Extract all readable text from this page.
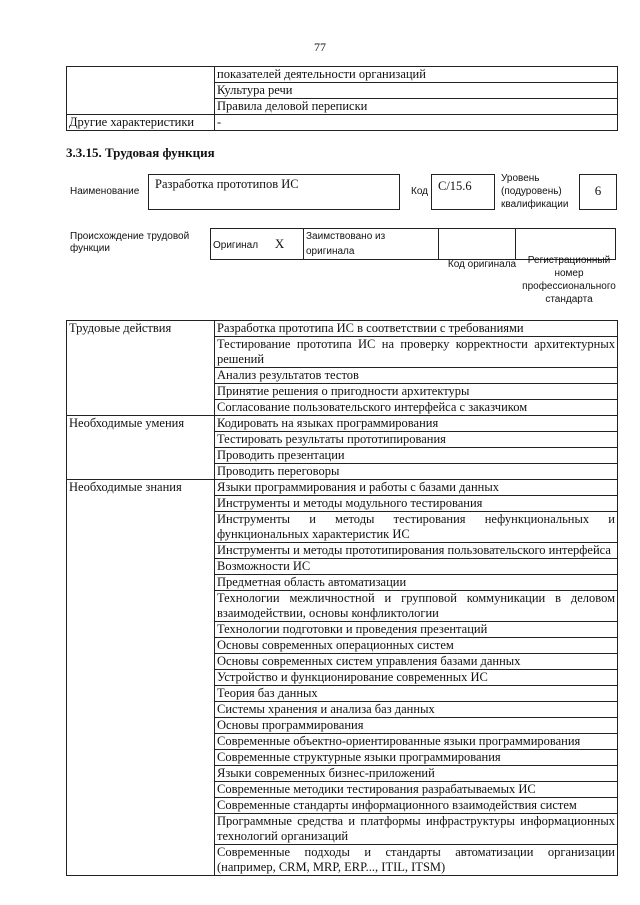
77
	показателей деятельности организаций
	Культура речи
	Правила деловой переписки
Другие характеристики	-
3.3.15. Трудовая функция
Наименование
Разработка прототипов ИС
Код C/15.6
Уровень (подуровень) квалификации
6
Происхождение трудовой функции	Оригинал X	Заимствовано из оригинала		
Код оригинала	Регистрационный номер профессионального стандарта
Трудовые действия	Разработка прототипа ИС в соответствии с требованиями
	Тестирование прототипа ИС на проверку корректности архитектурных решений
	Анализ результатов тестов
	Принятие решения о пригодности архитектуры
	Согласование пользовательского интерфейса с заказчиком
Необходимые умения	Кодировать на языках программирования
	Тестировать результаты прототипирования
	Проводить презентации
	Проводить переговоры
Необходимые знания	Языки программирования и работы с базами данных
	Инструменты и методы модульного тестирования
	Инструменты и методы тестирования нефункциональных и функциональных характеристик ИС
	Инструменты и методы прототипирования пользовательского интерфейса
	Возможности ИС
	Предметная область автоматизации
	Технологии межличностной и групповой коммуникации в деловом взаимодействии, основы конфликтологии
	Технологии подготовки и проведения презентаций
	Основы современных операционных систем
	Основы современных систем управления базами данных
	Устройство и функционирование современных ИС
	Теория баз данных
	Системы хранения и анализа баз данных
	Основы программирования
	Современные объектно-ориентированные языки программирования
	Современные структурные языки программирования
	Языки современных бизнес-приложений
	Современные методики тестирования разрабатываемых ИС
	Современные стандарты информационного взаимодействия систем
	Программные средства и платформы инфраструктуры информационных технологий организаций
	Современные подходы и стандарты автоматизации организации (например, CRM, MRP, ERP..., ITIL, ITSM)
